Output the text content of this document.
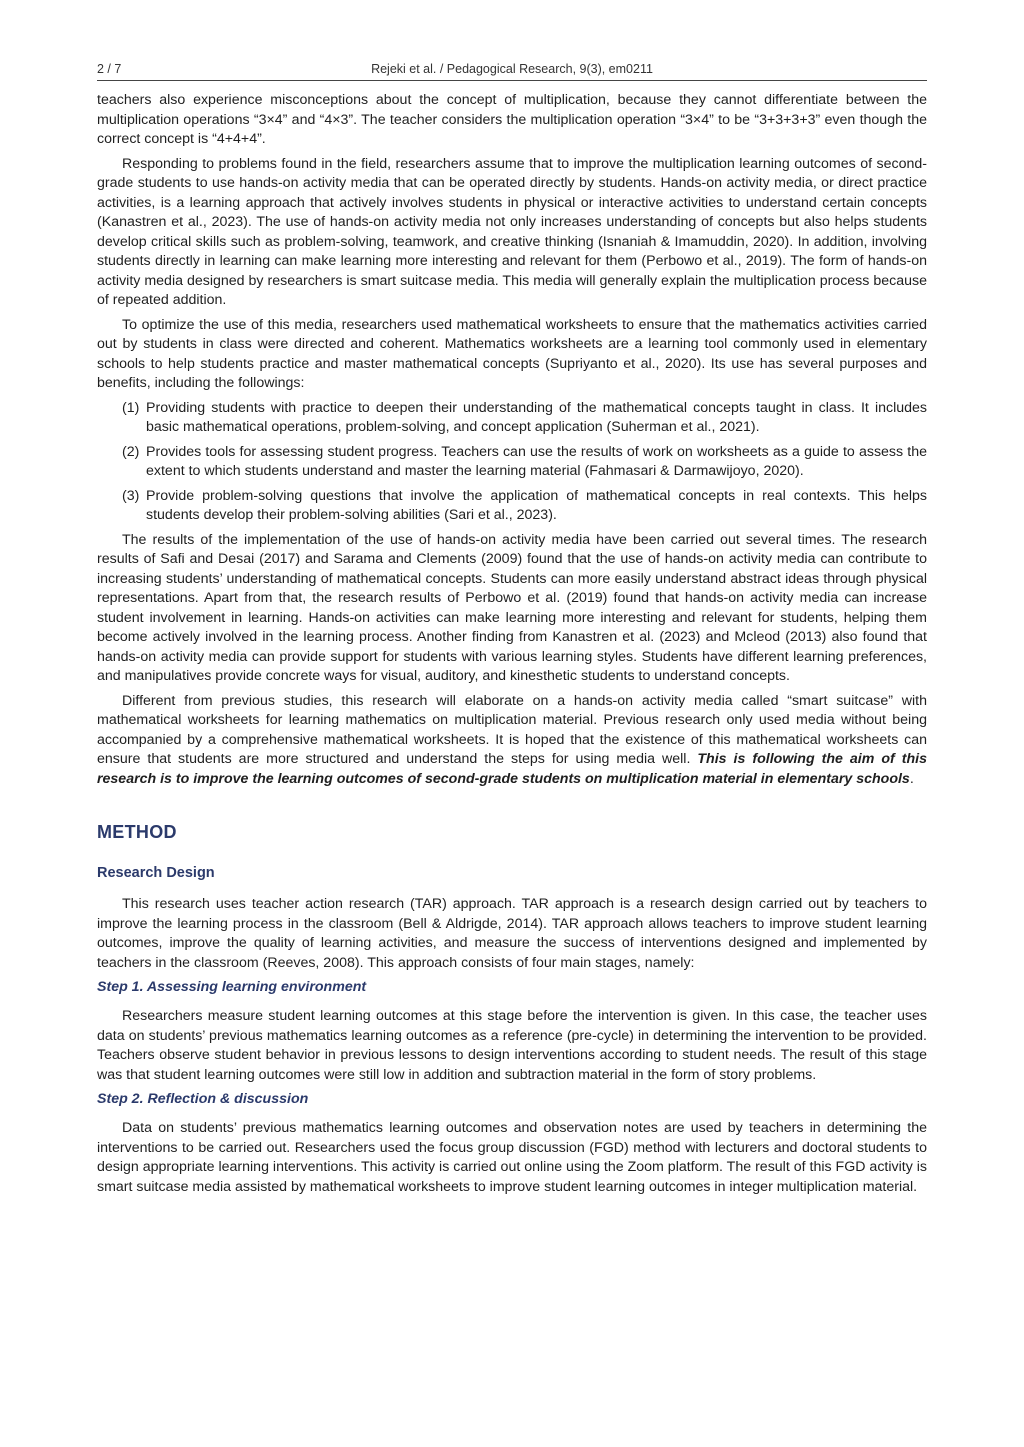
2 / 7	Rejeki et al. / Pedagogical Research, 9(3), em0211

teachers also experience misconceptions about the concept of multiplication, because they cannot differentiate between the multiplication operations “3×4” and “4×3”. The teacher considers the multiplication operation “3×4” to be “3+3+3+3” even though the correct concept is “4+4+4”.

Responding to problems found in the field, researchers assume that to improve the multiplication learning outcomes of second-grade students to use hands-on activity media that can be operated directly by students. Hands-on activity media, or direct practice activities, is a learning approach that actively involves students in physical or interactive activities to understand certain concepts (Kanastren et al., 2023). The use of hands-on activity media not only increases understanding of concepts but also helps students develop critical skills such as problem-solving, teamwork, and creative thinking (Isnaniah & Imamuddin, 2020). In addition, involving students directly in learning can make learning more interesting and relevant for them (Perbowo et al., 2019). The form of hands-on activity media designed by researchers is smart suitcase media. This media will generally explain the multiplication process because of repeated addition.

To optimize the use of this media, researchers used mathematical worksheets to ensure that the mathematics activities carried out by students in class were directed and coherent. Mathematics worksheets are a learning tool commonly used in elementary schools to help students practice and master mathematical concepts (Supriyanto et al., 2020). Its use has several purposes and benefits, including the followings:

(1) Providing students with practice to deepen their understanding of the mathematical concepts taught in class. It includes basic mathematical operations, problem-solving, and concept application (Suherman et al., 2021).
(2) Provides tools for assessing student progress. Teachers can use the results of work on worksheets as a guide to assess the extent to which students understand and master the learning material (Fahmasari & Darmawijoyo, 2020).
(3) Provide problem-solving questions that involve the application of mathematical concepts in real contexts. This helps students develop their problem-solving abilities (Sari et al., 2023).

The results of the implementation of the use of hands-on activity media have been carried out several times. The research results of Safi and Desai (2017) and Sarama and Clements (2009) found that the use of hands-on activity media can contribute to increasing students’ understanding of mathematical concepts. Students can more easily understand abstract ideas through physical representations. Apart from that, the research results of Perbowo et al. (2019) found that hands-on activity media can increase student involvement in learning. Hands-on activities can make learning more interesting and relevant for students, helping them become actively involved in the learning process. Another finding from Kanastren et al. (2023) and Mcleod (2013) also found that hands-on activity media can provide support for students with various learning styles. Students have different learning preferences, and manipulatives provide concrete ways for visual, auditory, and kinesthetic students to understand concepts.

Different from previous studies, this research will elaborate on a hands-on activity media called “smart suitcase” with mathematical worksheets for learning mathematics on multiplication material. Previous research only used media without being accompanied by a comprehensive mathematical worksheets. It is hoped that the existence of this mathematical worksheets can ensure that students are more structured and understand the steps for using media well. This is following the aim of this research is to improve the learning outcomes of second-grade students on multiplication material in elementary schools.

METHOD
Research Design

This research uses teacher action research (TAR) approach. TAR approach is a research design carried out by teachers to improve the learning process in the classroom (Bell & Aldrigde, 2014). TAR approach allows teachers to improve student learning outcomes, improve the quality of learning activities, and measure the success of interventions designed and implemented by teachers in the classroom (Reeves, 2008). This approach consists of four main stages, namely:

Step 1. Assessing learning environment

Researchers measure student learning outcomes at this stage before the intervention is given. In this case, the teacher uses data on students’ previous mathematics learning outcomes as a reference (pre-cycle) in determining the intervention to be provided. Teachers observe student behavior in previous lessons to design interventions according to student needs. The result of this stage was that student learning outcomes were still low in addition and subtraction material in the form of story problems.

Step 2. Reflection & discussion

Data on students’ previous mathematics learning outcomes and observation notes are used by teachers in determining the interventions to be carried out. Researchers used the focus group discussion (FGD) method with lecturers and doctoral students to design appropriate learning interventions. This activity is carried out online using the Zoom platform. The result of this FGD activity is smart suitcase media assisted by mathematical worksheets to improve student learning outcomes in integer multiplication material.
